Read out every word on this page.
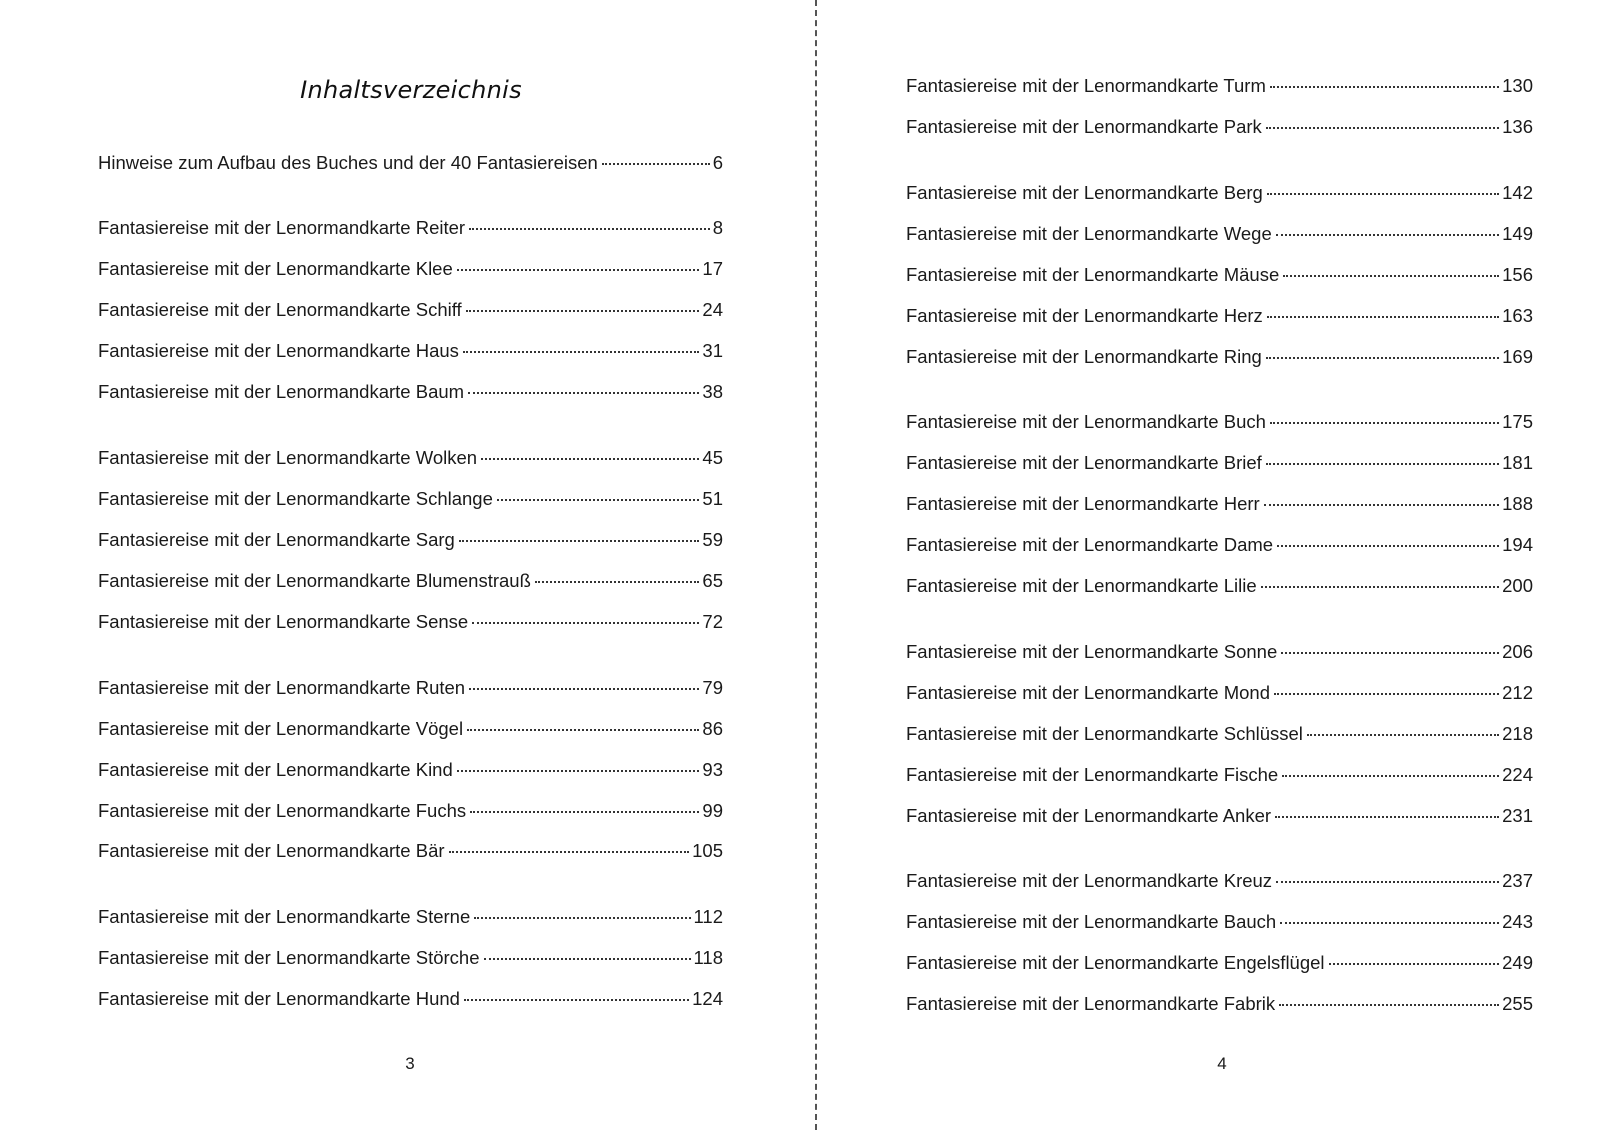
Inhaltsverzeichnis
Hinweise zum Aufbau des Buches und der 40 Fantasiereisen	6
Fantasiereise mit der Lenormandkarte Reiter	8
Fantasiereise mit der Lenormandkarte Klee	17
Fantasiereise mit der Lenormandkarte Schiff	24
Fantasiereise mit der Lenormandkarte Haus	31
Fantasiereise mit der Lenormandkarte Baum	38
Fantasiereise mit der Lenormandkarte Wolken	45
Fantasiereise mit der Lenormandkarte Schlange	51
Fantasiereise mit der Lenormandkarte Sarg	59
Fantasiereise mit der Lenormandkarte Blumenstrauß	65
Fantasiereise mit der Lenormandkarte Sense	72
Fantasiereise mit der Lenormandkarte Ruten	79
Fantasiereise mit der Lenormandkarte Vögel	86
Fantasiereise mit der Lenormandkarte Kind	93
Fantasiereise mit der Lenormandkarte Fuchs	99
Fantasiereise mit der Lenormandkarte Bär	105
Fantasiereise mit der Lenormandkarte Sterne	112
Fantasiereise mit der Lenormandkarte Störche	118
Fantasiereise mit der Lenormandkarte Hund	124
3
Fantasiereise mit der Lenormandkarte Turm	130
Fantasiereise mit der Lenormandkarte Park	136
Fantasiereise mit der Lenormandkarte Berg	142
Fantasiereise mit der Lenormandkarte Wege	149
Fantasiereise mit der Lenormandkarte Mäuse	156
Fantasiereise mit der Lenormandkarte Herz	163
Fantasiereise mit der Lenormandkarte Ring	169
Fantasiereise mit der Lenormandkarte Buch	175
Fantasiereise mit der Lenormandkarte Brief	181
Fantasiereise mit der Lenormandkarte Herr	188
Fantasiereise mit der Lenormandkarte Dame	194
Fantasiereise mit der Lenormandkarte Lilie	200
Fantasiereise mit der Lenormandkarte Sonne	206
Fantasiereise mit der Lenormandkarte Mond	212
Fantasiereise mit der Lenormandkarte Schlüssel	218
Fantasiereise mit der Lenormandkarte Fische	224
Fantasiereise mit der Lenormandkarte Anker	231
Fantasiereise mit der Lenormandkarte Kreuz	237
Fantasiereise mit der Lenormandkarte Bauch	243
Fantasiereise mit der Lenormandkarte Engelsflügel	249
Fantasiereise mit der Lenormandkarte Fabrik	255
4
